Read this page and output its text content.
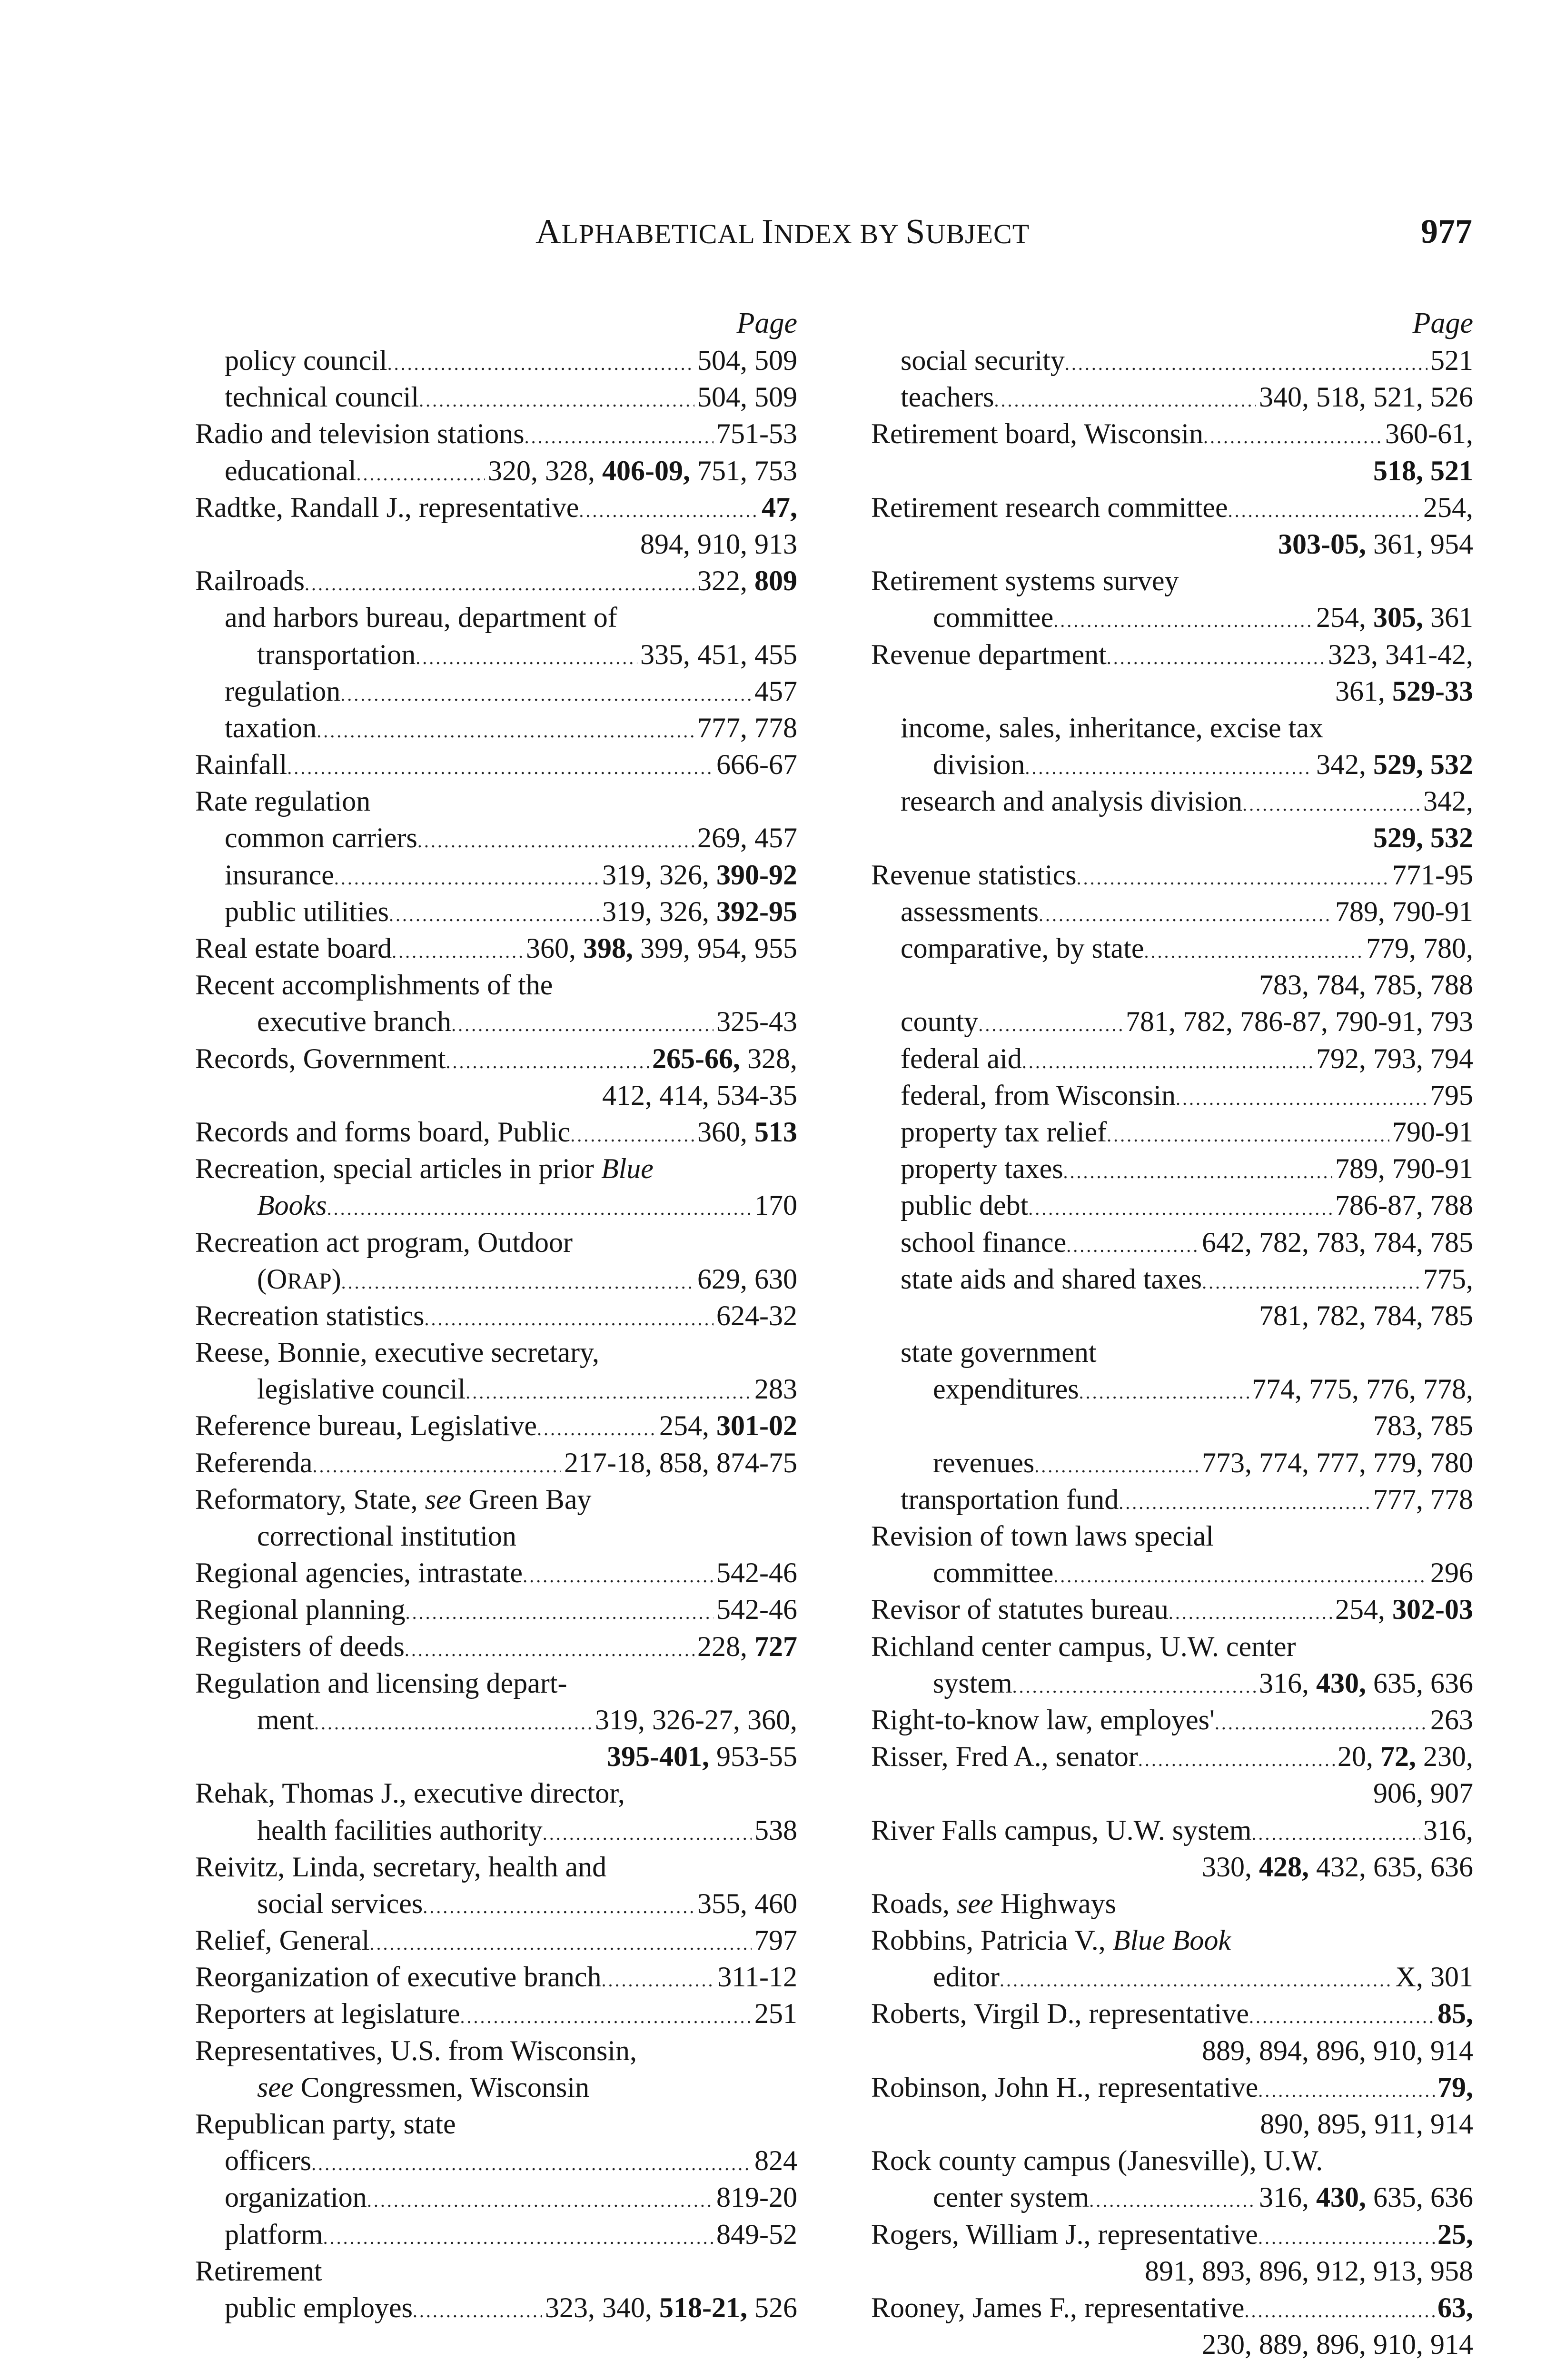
ALPHABETICAL INDEX BY SUBJECT	977
Page
policy council . . .	504, 509
technical council . . .	504, 509
Radio and television stations . . .	751-53
educational . . .	320, 328, 406-09, 751, 753
Radtke, Randall J., representative . . .	47,
894, 910, 913
Railroads . . .	322, 809
and harbors bureau, department of
transportation . . .	335, 451, 455
regulation . . .	457
taxation . . .	777, 778
Rainfall . . .	666-67
Rate regulation
common carriers . . .	269, 457
insurance . . .	319, 326, 390-92
public utilities . . .	319, 326, 392-95
Real estate board . . .	360, 398, 399, 954, 955
Recent accomplishments of the
executive branch . . .	325-43
Records, Government . . .	265-66, 328,
412, 414, 534-35
Records and forms board, Public . . .	360, 513
Recreation, special articles in prior Blue
Books . . .	170
Recreation act program, Outdoor
(ORAP) . . .	629, 630
Recreation statistics . . .	624-32
Reese, Bonnie, executive secretary,
legislative council . . .	283
Reference bureau, Legislative . . .	254, 301-02
Referenda . . .	217-18, 858, 874-75
Reformatory, State, see Green Bay
correctional institution
Regional agencies, intrastate . . .	542-46
Regional planning . . .	542-46
Registers of deeds . . .	228, 727
Regulation and licensing depart-
ment . . .	319, 326-27, 360,
395-401, 953-55
Rehak, Thomas J., executive director,
health facilities authority . . .	538
Reivitz, Linda, secretary, health and
social services . . .	355, 460
Relief, General . . .	797
Reorganization of executive branch . . .	311-12
Reporters at legislature . . .	251
Representatives, U.S. from Wisconsin,
see Congressmen, Wisconsin
Republican party, state
officers . . .	824
organization . . .	819-20
platform . . .	849-52
Retirement
public employes . . .	323, 340, 518-21, 526
Page
social security . . .	521
teachers . . .	340, 518, 521, 526
Retirement board, Wisconsin . . .	360-61,
518, 521
Retirement research committee . . .	254,
303-05, 361, 954
Retirement systems survey
committee . . .	254, 305, 361
Revenue department . . .	323, 341-42,
361, 529-33
income, sales, inheritance, excise tax
division . . .	342, 529, 532
research and analysis division . . .	342,
529, 532
Revenue statistics . . .	771-95
assessments . . .	789, 790-91
comparative, by state . . .	779, 780,
783, 784, 785, 788
county . . .	781, 782, 786-87, 790-91, 793
federal aid . . .	792, 793, 794
federal, from Wisconsin . . .	795
property tax relief . . .	790-91
property taxes . . .	789, 790-91
public debt . . .	786-87, 788
school finance . . .	642, 782, 783, 784, 785
state aids and shared taxes . . .	775,
781, 782, 784, 785
state government
expenditures . . .	774, 775, 776, 778,
783, 785
revenues . . .	773, 774, 777, 779, 780
transportation fund . . .	777, 778
Revision of town laws special
committee . . .	296
Revisor of statutes bureau . . .	254, 302-03
Richland center campus, U.W. center
system . . .	316, 430, 635, 636
Right-to-know law, employes' . . .	263
Risser, Fred A., senator . . .	20, 72, 230,
906, 907
River Falls campus, U.W. system . . .	316,
330, 428, 432, 635, 636
Roads, see Highways
Robbins, Patricia V., Blue Book
editor . . .	X, 301
Roberts, Virgil D., representative . . .	85,
889, 894, 896, 910, 914
Robinson, John H., representative . . .	79,
890, 895, 911, 914
Rock county campus (Janesville), U.W.
center system . . .	316, 430, 635, 636
Rogers, William J., representative . . .	25,
891, 893, 896, 912, 913, 958
Rooney, James F., representative . . .	63,
230, 889, 896, 910, 914
